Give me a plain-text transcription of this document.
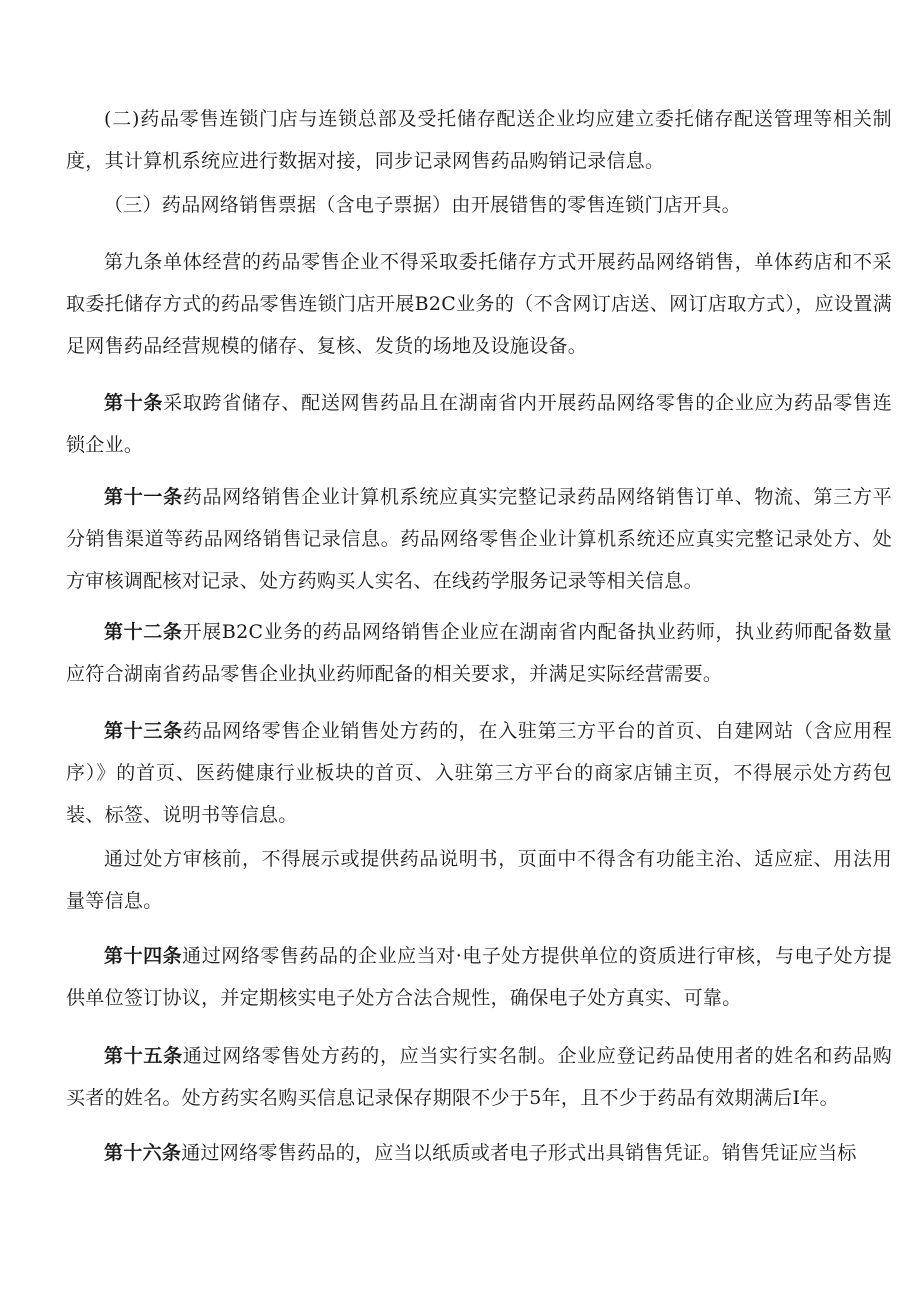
(二)药品零售连锁门店与连锁总部及受托储存配送企业均应建立委托储存配送管理等相关制度，其计算机系统应进行数据对接，同步记录网售药品购销记录信息。

（三）药品网络销售票据（含电子票据）由开展错售的零售连锁门店开具。

第九条单体经营的药品零售企业不得采取委托储存方式开展药品网络销售，单体药店和不采取委托储存方式的药品零售连锁门店开展B2C业务的（不含网订店送、网订店取方式），应设置满足网售药品经营规模的储存、复核、发货的场地及设施设备。

第十条采取跨省储存、配送网售药品且在湖南省内开展药品网络零售的企业应为药品零售连锁企业。

第十一条药品网络销售企业计算机系统应真实完整记录药品网络销售订单、物流、第三方平分销售渠道等药品网络销售记录信息。药品网络零售企业计算机系统还应真实完整记录处方、处方审核调配核对记录、处方药购买人实名、在线药学服务记录等相关信息。

第十二条开展B2C业务的药品网络销售企业应在湖南省内配备执业药师，执业药师配备数量应符合湖南省药品零售企业执业药师配备的相关要求，并满足实际经营需要。

第十三条药品网络零售企业销售处方药的，在入驻第三方平台的首页、自建网站（含应用程序）》的首页、医药健康行业板块的首页、入驻第三方平台的商家店铺主页，不得展示处方药包装、标签、说明书等信息。

通过处方审核前，不得展示或提供药品说明书，页面中不得含有功能主治、适应症、用法用量等信息。

第十四条通过网络零售药品的企业应当对·电子处方提供单位的资质进行审核，与电子处方提供单位签订协议，并定期核实电子处方合法合规性，确保电子处方真实、可靠。

第十五条通过网络零售处方药的，应当实行实名制。企业应登记药品使用者的姓名和药品购买者的姓名。处方药实名购买信息记录保存期限不少于5年，且不少于药品有效期满后I年。

第十六条通过网络零售药品的，应当以纸质或者电子形式出具销售凭证。销售凭证应当标
